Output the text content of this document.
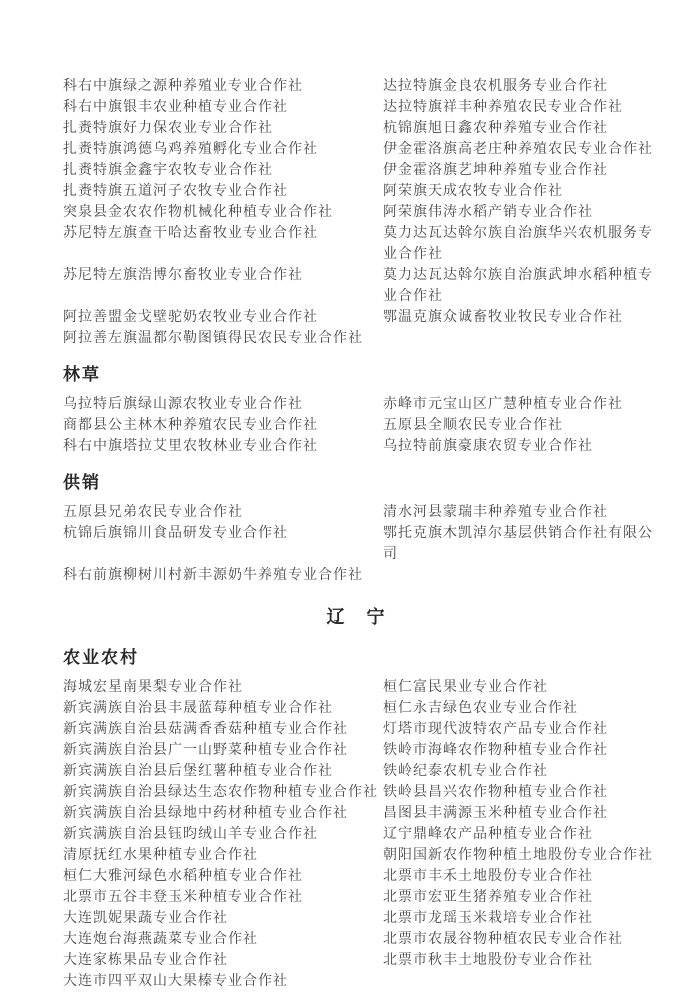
科右中旗绿之源种养殖业专业合作社	达拉特旗金良农机服务专业合作社
科右中旗银丰农业种植专业合作社	达拉特旗祥丰种养殖农民专业合作社
扎赉特旗好力保农业专业合作社	杭锦旗旭日鑫农种养殖专业合作社
扎赉特旗鸿德乌鸡养殖孵化专业合作社	伊金霍洛旗高老庄种养殖农民专业合作社
扎赉特旗金鑫宇农牧专业合作社	伊金霍洛旗艺坤种养殖专业合作社
扎赉特旗五道河子农牧专业合作社	阿荣旗天成农牧专业合作社
突泉县金农农作物机械化种植专业合作社	阿荣旗伟涛水稻产销专业合作社
苏尼特左旗查干哈达畜牧业专业合作社	莫力达瓦达斡尔族自治旗华兴农机服务专业合作社
苏尼特左旗浩博尔畜牧业专业合作社	莫力达瓦达斡尔族自治旗武坤水稻种植专业合作社
阿拉善盟金戈壁驼奶农牧业专业合作社	鄂温克旗众诚畜牧业牧民专业合作社
阿拉善左旗温都尔勒图镇得民农民专业合作社
林草
乌拉特后旗绿山源农牧业专业合作社	赤峰市元宝山区广慧种植专业合作社
商都县公主林木种养殖农民专业合作社	五原县全顺农民专业合作社
科右中旗塔拉艾里农牧林业专业合作社	乌拉特前旗豪康农贸专业合作社
供销
五原县兄弟农民专业合作社	清水河县蒙瑞丰种养殖专业合作社
杭锦后旗锦川食品研发专业合作社	鄂托克旗木凯淖尔基层供销合作社有限公司
科右前旗柳树川村新丰源奶牛养殖专业合作社
辽　宁
农业农村
海城宏星南果梨专业合作社	桓仁富民果业专业合作社
新宾满族自治县丰晟蓝莓种植专业合作社	桓仁永吉绿色农业专业合作社
新宾满族自治县菇满香香菇种植专业合作社	灯塔市现代波特农产品专业合作社
新宾满族自治县广一山野菜种植专业合作社	铁岭市海峰农作物种植专业合作社
新宾满族自治县后堡红薯种植专业合作社	铁岭纪泰农机专业合作社
新宾满族自治县绿达生态农作物种植专业合作社 铁岭县昌兴农作物种植专业合作社
新宾满族自治县绿地中药材种植专业合作社	昌图县丰满源玉米种植专业合作社
新宾满族自治县钰昀绒山羊专业合作社	辽宁鼎峰农产品种植专业合作社
清原抚红水果种植专业合作社	朝阳国新农作物种植土地股份专业合作社
桓仁大雅河绿色水稻种植专业合作社	北票市丰禾土地股份专业合作社
北票市五谷丰登玉米种植专业合作社	北票市宏亚生猪养殖专业合作社
大连凯妮果蔬专业合作社	北票市龙瑶玉米栽培专业合作社
大连炮台海燕蔬菜专业合作社	北票市农晟谷物种植农民专业合作社
大连家栋果品专业合作社	北票市秋丰土地股份专业合作社
大连市四平双山大果榛专业合作社
